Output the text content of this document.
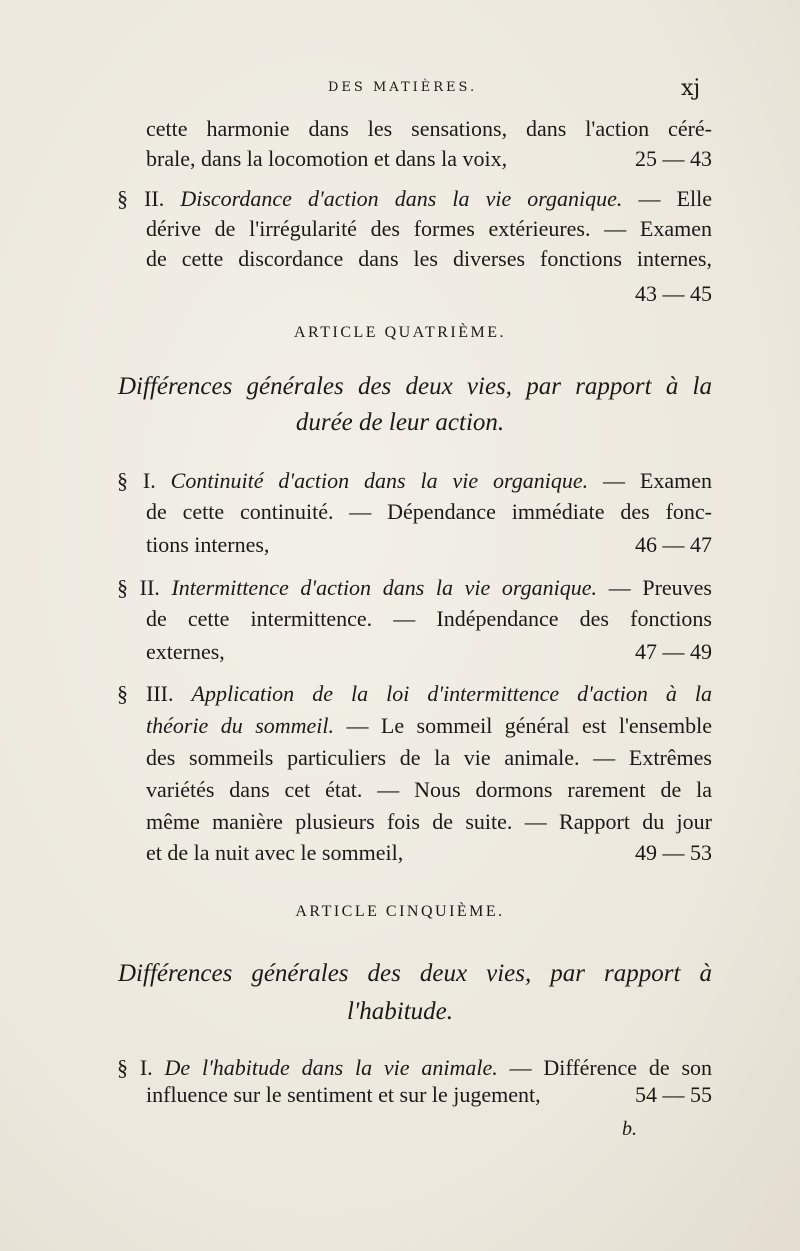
DES MATIÈRES.	xj
cette harmonie dans les sensations, dans l'action céré-
brale, dans la locomotion et dans la voix,	25 — 43
§ II. Discordance d'action dans la vie organique. — Elle
dérive de l'irrégularité des formes extérieures. — Examen
de cette discordance dans les diverses fonctions internes,
43 — 45
ARTICLE QUATRIÈME.
Différences générales des deux vies, par rapport à la
durée de leur action.
§ I. Continuité d'action dans la vie organique. — Examen
de cette continuité. — Dépendance immédiate des fonc-
tions internes,	46 — 47
§ II. Intermittence d'action dans la vie organique. — Preuves
de cette intermittence. — Indépendance des fonctions
externes,	47 — 49
§ III. Application de la loi d'intermittence d'action à la
théorie du sommeil. — Le sommeil général est l'ensemble
des sommeils particuliers de la vie animale. — Extrêmes
variétés dans cet état. — Nous dormons rarement de la
même manière plusieurs fois de suite. — Rapport du jour
et de la nuit avec le sommeil,	49 — 53
ARTICLE CINQUIÈME.
Différences générales des deux vies, par rapport à
l'habitude.
§ I. De l'habitude dans la vie animale. — Différence de son
influence sur le sentiment et sur le jugement,	54 — 55
b.
